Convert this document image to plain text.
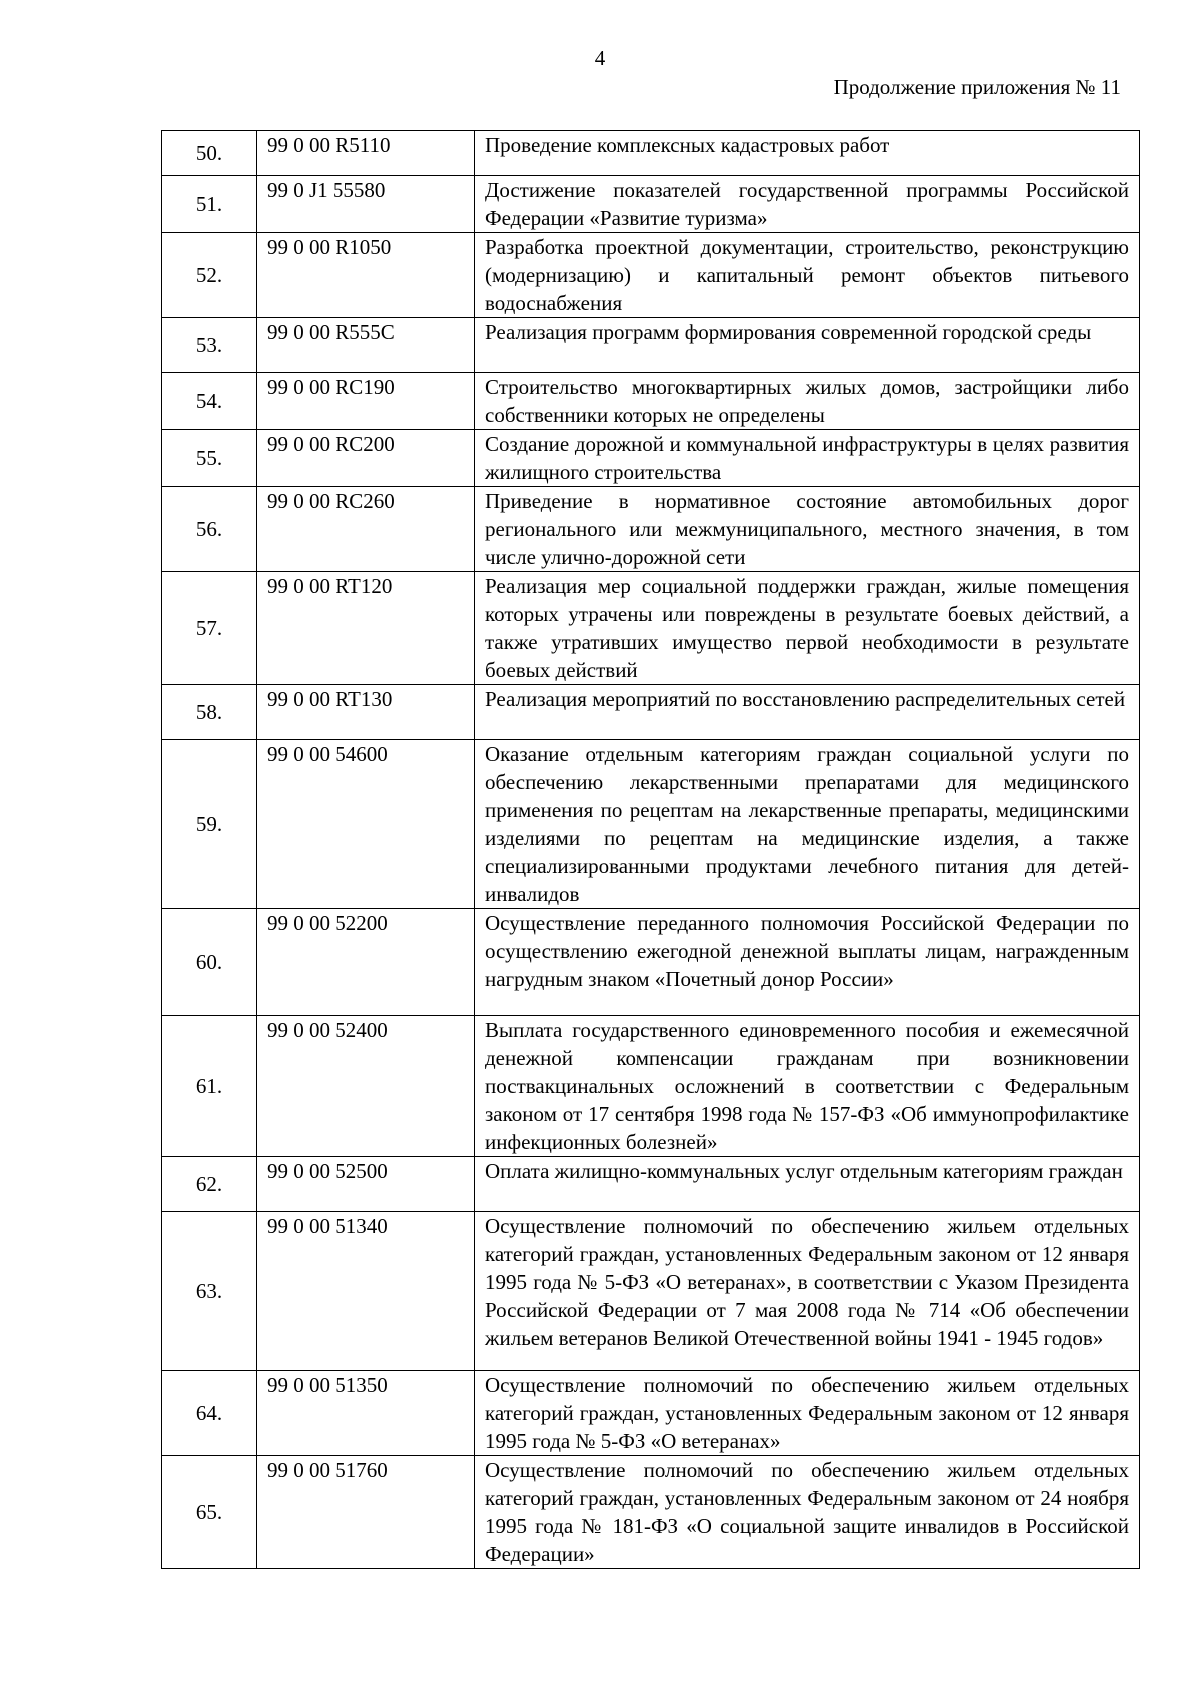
4
Продолжение приложения № 11
50.	99 0 00 R5110	Проведение комплексных кадастровых работ
51.	99 0 J1 55580	Достижение показателей государственной программы Российской Федерации «Развитие туризма»
52.	99 0 00 R1050	Разработка проектной документации, строительство, реконструкцию (модернизацию) и капитальный ремонт объектов питьевого водоснабжения
53.	99 0 00 R555C	Реализация программ формирования современной городской среды
54.	99 0 00 RC190	Строительство многоквартирных жилых домов, застройщики либо собственники которых не определены
55.	99 0 00 RC200	Создание дорожной и коммунальной инфраструктуры в целях развития жилищного строительства
56.	99 0 00 RC260	Приведение в нормативное состояние автомобильных дорог регионального или межмуниципального, местного значения, в том числе улично-дорожной сети
57.	99 0 00 RT120	Реализация мер социальной поддержки граждан, жилые помещения которых утрачены или повреждены в результате боевых действий, а также утративших имущество первой необходимости в результате боевых действий
58.	99 0 00 RT130	Реализация мероприятий по восстановлению распределительных сетей
59.	99 0 00 54600	Оказание отдельным категориям граждан социальной услуги по обеспечению лекарственными препаратами для медицинского применения по рецептам на лекарственные препараты, медицинскими изделиями по рецептам на медицинские изделия, а также специализированными продуктами лечебного питания для детей-инвалидов
60.	99 0 00 52200	Осуществление переданного полномочия Российской Федерации по осуществлению ежегодной денежной выплаты лицам, награжденным нагрудным знаком «Почетный донор России»
61.	99 0 00 52400	Выплата государственного единовременного пособия и ежемесячной денежной компенсации гражданам при возникновении поствакцинальных осложнений в соответствии с Федеральным законом от 17 сентября 1998 года № 157-ФЗ «Об иммунопрофилактике инфекционных болезней»
62.	99 0 00 52500	Оплата жилищно-коммунальных услуг отдельным категориям граждан
63.	99 0 00 51340	Осуществление полномочий по обеспечению жильем отдельных категорий граждан, установленных Федеральным законом от 12 января 1995 года № 5-ФЗ «О ветеранах», в соответствии с Указом Президента Российской Федерации от 7 мая 2008 года № 714 «Об обеспечении жильем ветеранов Великой Отечественной войны 1941 - 1945 годов»
64.	99 0 00 51350	Осуществление полномочий по обеспечению жильем отдельных категорий граждан, установленных Федеральным законом от 12 января 1995 года № 5-ФЗ «О ветеранах»
65.	99 0 00 51760	Осуществление полномочий по обеспечению жильем отдельных категорий граждан, установленных Федеральным законом от 24 ноября 1995 года № 181-ФЗ «О социальной защите инвалидов в Российской Федерации»
